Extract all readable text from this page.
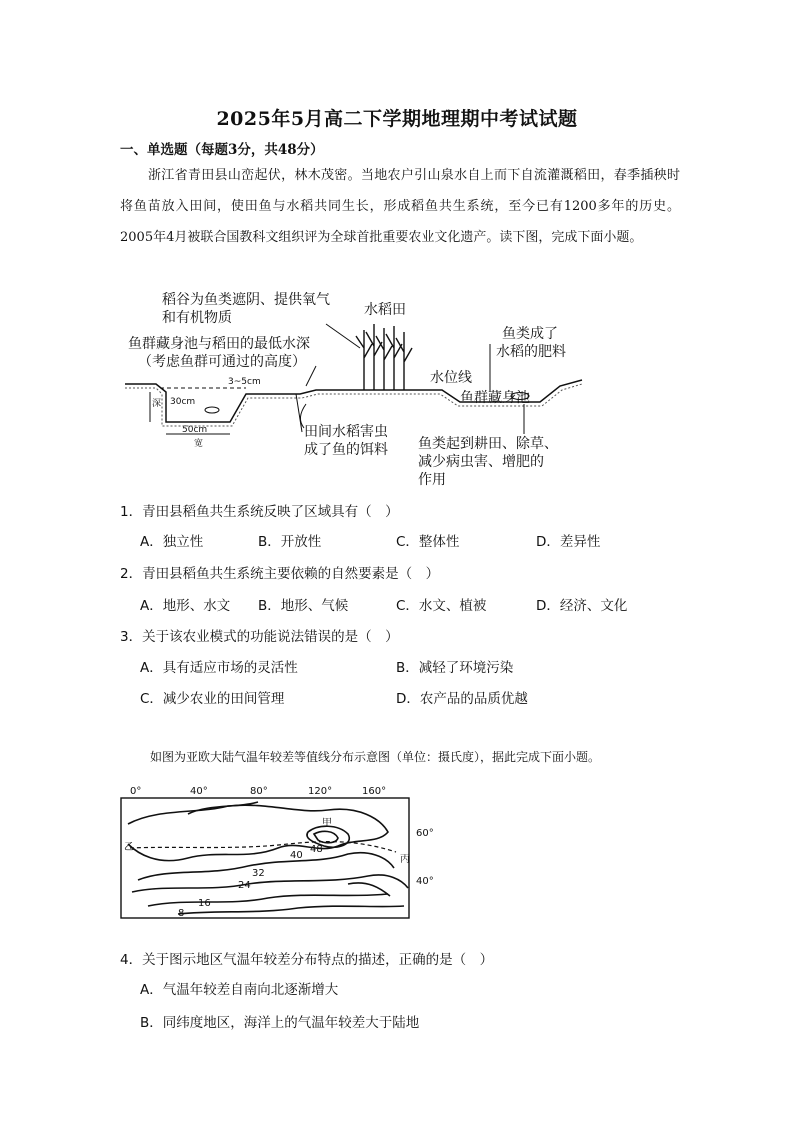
2025年5月高二下学期地理期中考试试题
一、单选题（每题3分，共48分）

浙江省青田县山峦起伏，林木茂密。当地农户引山泉水自上而下自流灌溉稻田，春季插秧时将鱼苗放入田间，使田鱼与水稻共同生长，形成稻鱼共生系统，至今已有1200多年的历史。2005年4月被联合国教科文组织评为全球首批重要农业文化遗产。读下图，完成下面小题。

稻谷为鱼类遮阴、提供氧气
和有机物质	水稻田
鱼群藏身池与稻田的最低水深
（考虑鱼群可通过的高度）
鱼类成了
水稻的肥料
水位线
鱼群藏身池
田间水稻害虫
成了鱼的饵料 鱼类起到耕田、除草、
减少病虫害、增肥的
作用
3~5cm
深 30cm
50cm
宽
1．青田县稻鱼共生系统反映了区域具有（　）
A．独立性	B．开放性	C．整体性	D．差异性
2．青田县稻鱼共生系统主要依赖的自然要素是（　）
A．地形、水文 B．地形、气候	C．水文、植被	D．经济、文化
3．关于该农业模式的功能说法错误的是（　）
A．具有适应市场的灵活性	B．减轻了环境污染
C．减少农业的田间管理	D．农产品的品质优越
如图为亚欧大陆气温年较差等值线分布示意图（单位：摄氏度），据此完成下面小题。
0°	40°	80°	120°	160°
60°
40°
甲
乙
丙
40
48
32
24
16
8
4．关于图示地区气温年较差分布特点的描述，正确的是（　）
A．气温年较差自南向北逐渐增大
B．同纬度地区，海洋上的气温年较差大于陆地
